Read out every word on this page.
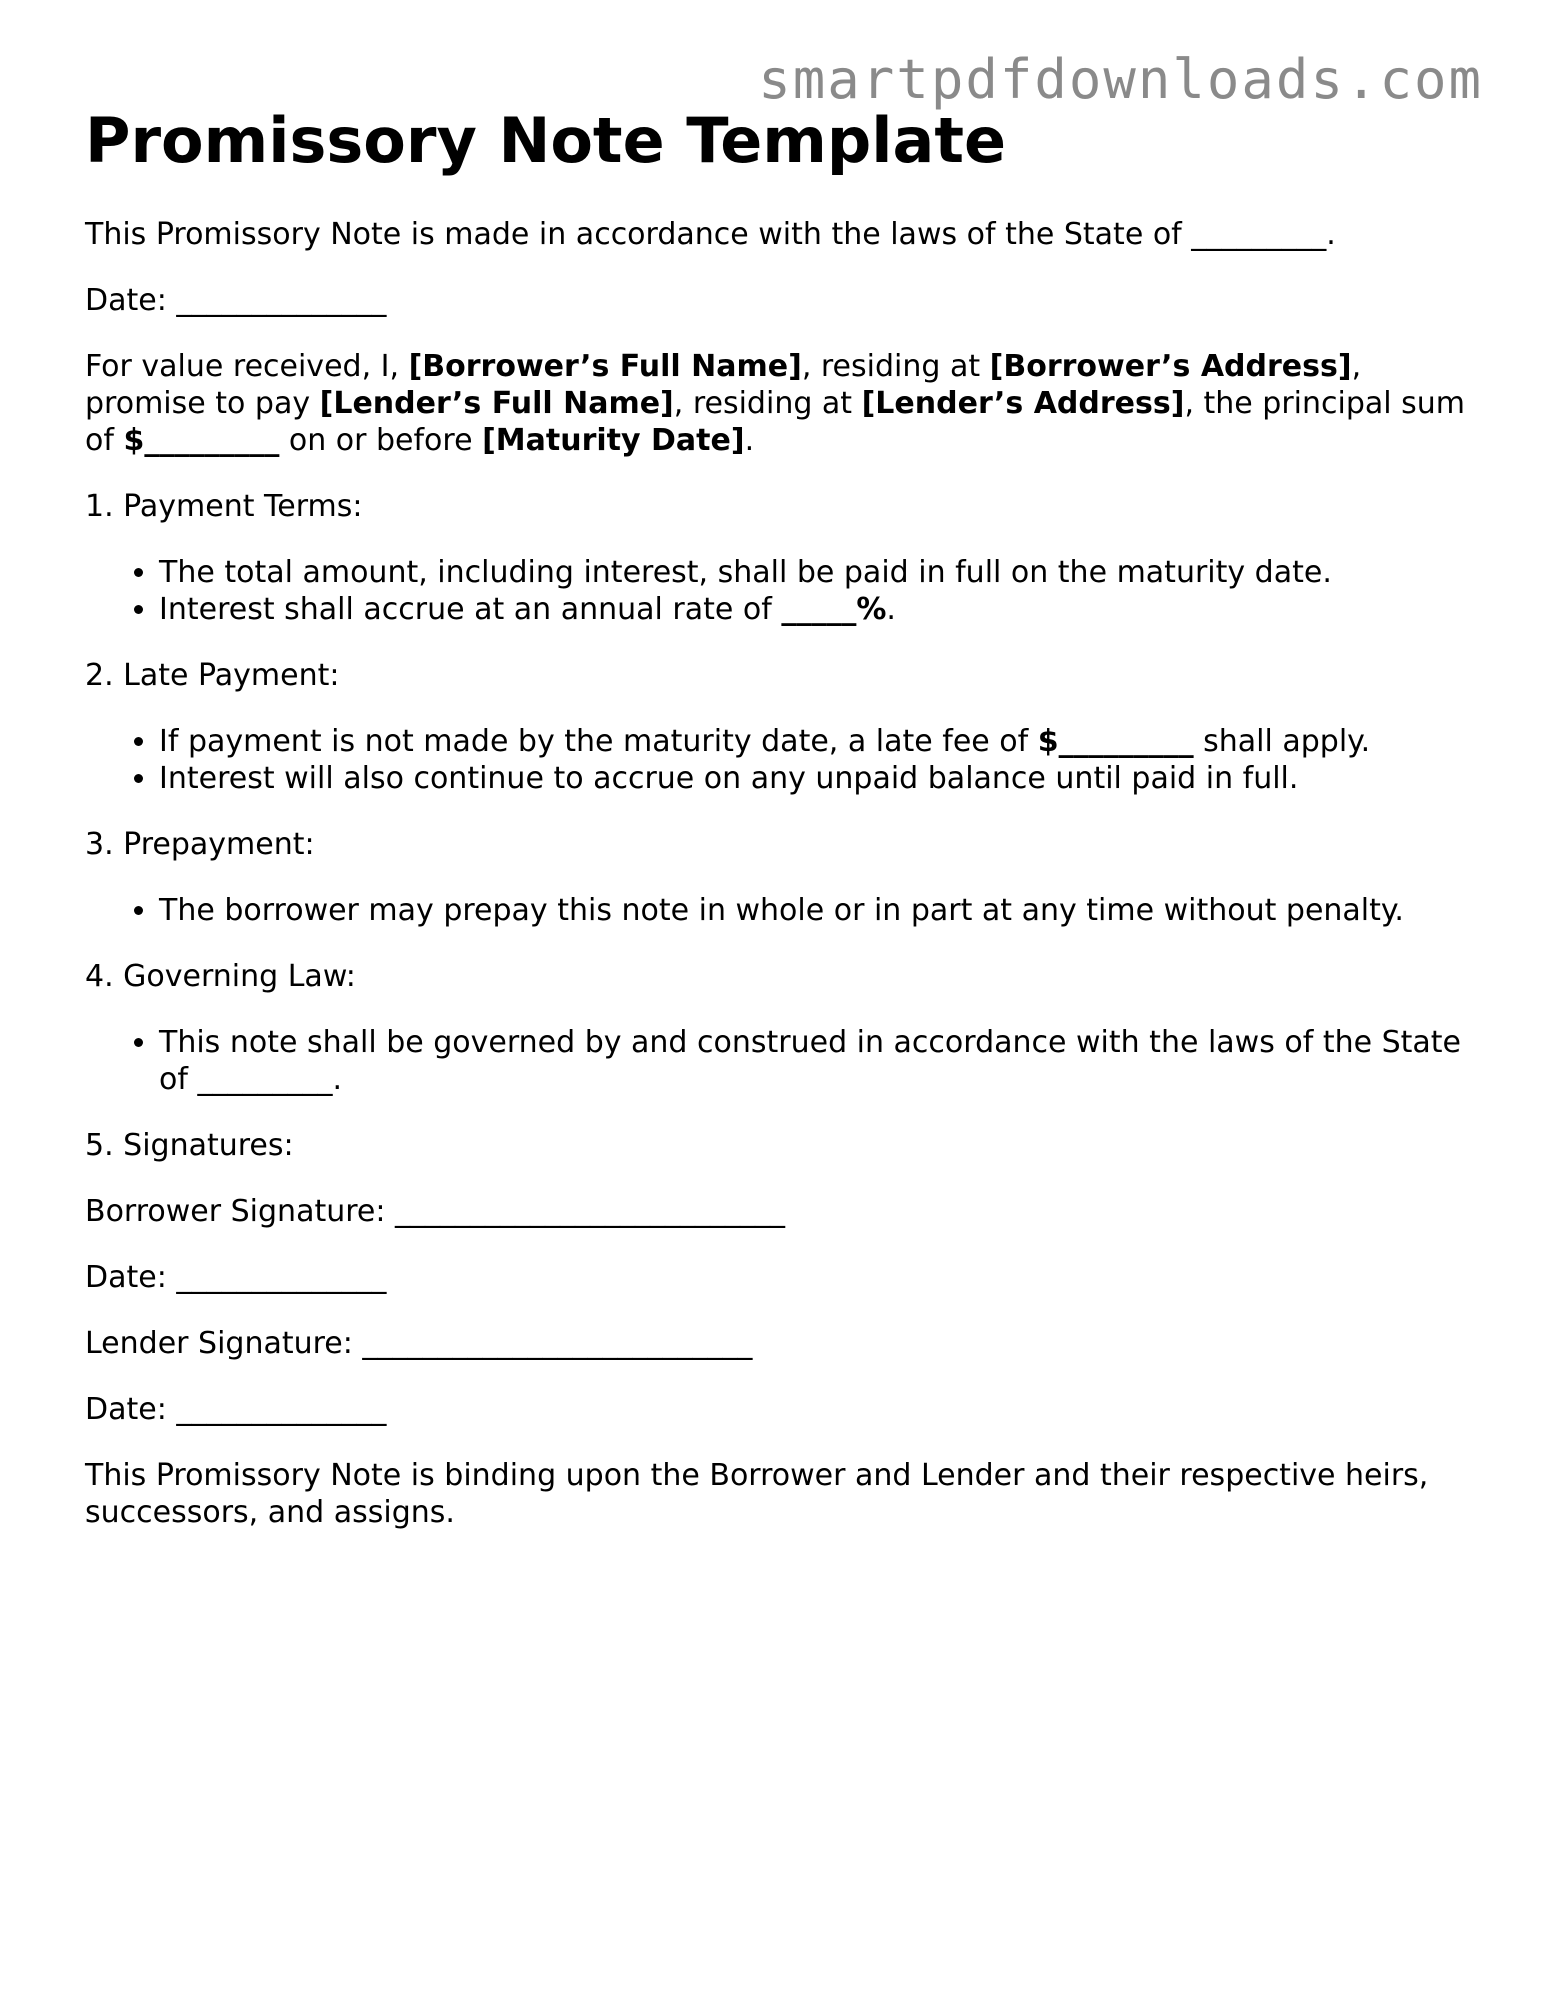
smartpdfdownloads.com
Promissory Note Template

This Promissory Note is made in accordance with the laws of the State of _________.

Date: ______________

For value received, I, [Borrower’s Full Name], residing at [Borrower’s Address], promise to pay [Lender’s Full Name], residing at [Lender’s Address], the principal sum of $_________ on or before [Maturity Date].

1. Payment Terms:

• The total amount, including interest, shall be paid in full on the maturity date.
• Interest shall accrue at an annual rate of _____%.

2. Late Payment:

• If payment is not made by the maturity date, a late fee of $_________ shall apply.
• Interest will also continue to accrue on any unpaid balance until paid in full.

3. Prepayment:

• The borrower may prepay this note in whole or in part at any time without penalty.

4. Governing Law:

• This note shall be governed by and construed in accordance with the laws of the State of _________.

5. Signatures:

Borrower Signature: __________________________

Date: ______________

Lender Signature: __________________________

Date: ______________

This Promissory Note is binding upon the Borrower and Lender and their respective heirs, successors, and assigns.
